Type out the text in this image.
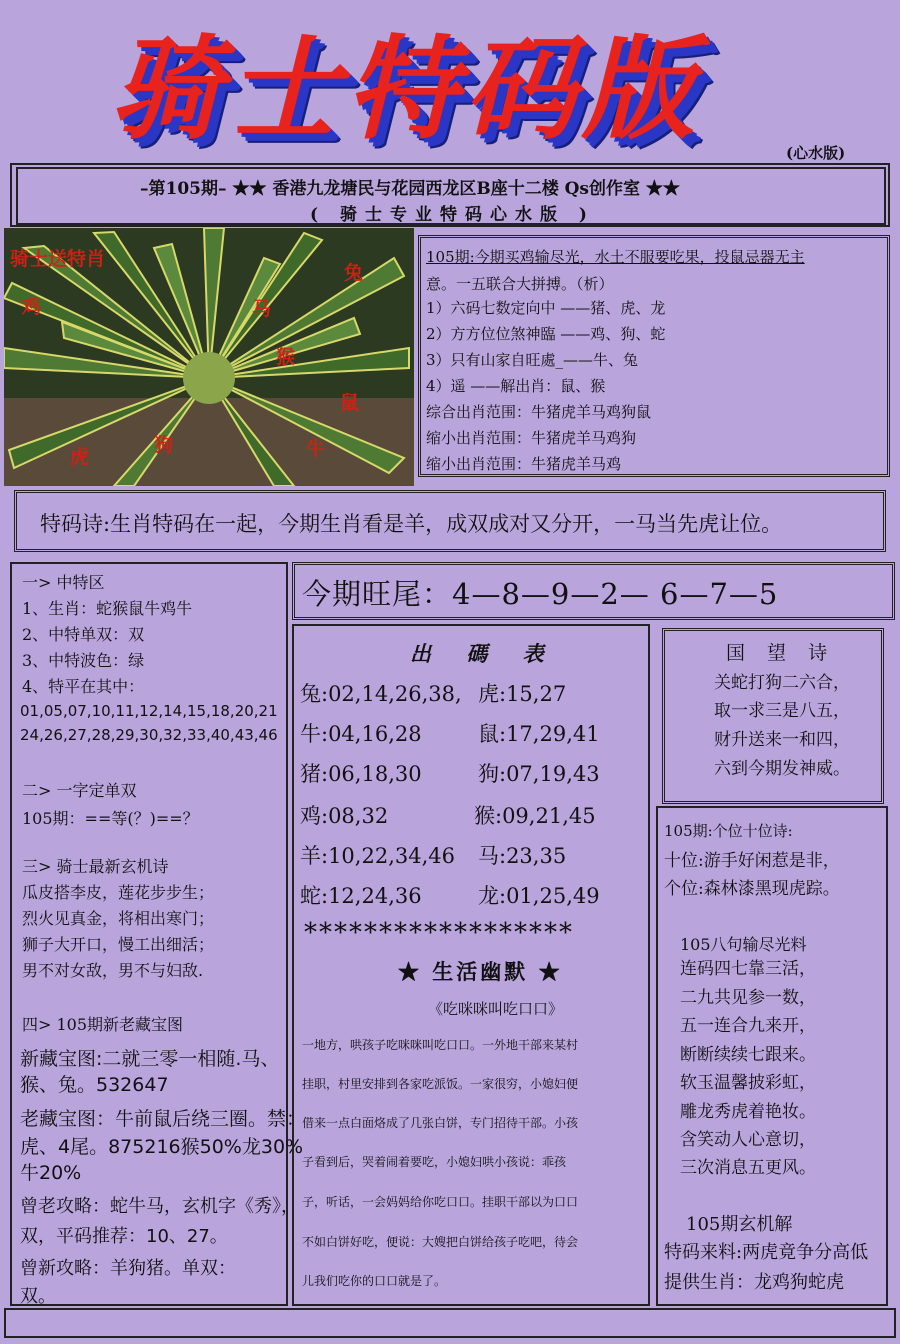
骑士特码版	(心水版)
–第105期– ★★ 香港九龙塘民与花园西龙区B座十二楼 Qs创作室 ★★
( 骑士专业特码心水版 )
骑士送特肖
鸡
兔
马
猴
鼠
虎
狗	牛
105期:今期买鸡输尽光，水土不服要吃果，投鼠忌器无主
意。一五联合大拼搏。（析）
1）六码七数定向中 ——猪、虎、龙
2）方方位位煞神臨 ——鸡、狗、蛇
3）只有山家自旺處_——牛、兔
4）遥 ——解出肖：鼠、猴
综合出肖范围：牛猪虎羊马鸡狗鼠
缩小出肖范围：牛猪虎羊马鸡狗
缩小出肖范围：牛猪虎羊马鸡
特码诗:生肖特码在一起，今期生肖看是羊，成双成对又分开，一马当先虎让位。
一> 中特区
1、生肖：蛇猴鼠牛鸡牛
2、中特单双：双
3、中特波色：绿
4、特平在其中：
01,05,07,10,11,12,14,15,18,20,21
24,26,27,28,29,30,32,33,40,43,46
二> 一字定单双
105期：==等(？)==？
三> 骑士最新玄机诗
瓜皮搭李皮，莲花步步生；
烈火见真金，将相出寒门；
狮子大开口，慢工出细活；
男不对女敌，男不与妇敌.
四> 105期新老藏宝图
新藏宝图:二就三零一相随.马、
猴、兔。532647
老藏宝图：牛前鼠后绕三圈。禁：
虎、4尾。875216猴50%龙30%
牛20%
曾老攻略：蛇牛马，玄机字《秀》，
双，平码推荐：10、27。
曾新攻略：羊狗猪。单双：
双。
今期旺尾：4—8—9—2— 6—7—5
出 碼 表
兔:02,14,26,38, 虎:15,27
牛:04,16,28	鼠:17,29,41
猪:06,18,30	狗:07,19,43
鸡:08,32	猴:09,21,45
羊:10,22,34,46 马:23,35
蛇:12,24,36	龙:01,25,49
******************
★ 生活幽默 ★
《吃咪咪叫吃口口》
一地方，哄孩子吃咪咪叫吃口口。一外地干部来某村
挂职，村里安排到各家吃派饭。一家很穷，小媳妇便
借来一点白面烙成了几张白饼，专门招待干部。小孩
子看到后，哭着闹着要吃，小媳妇哄小孩说：乖孩
子，听话，一会妈妈给你吃口口。挂职干部以为口口
不如白饼好吃，便说：大嫂把白饼给孩子吃吧，待会
儿我们吃你的口口就是了。
国 望 诗
关蛇打狗二六合，
取一求三是八五，
财升送来一和四，
六到今期发神威。
105期:个位十位诗:
十位:游手好闲惹是非，
个位:森林漆黑现虎踪。
105八句输尽光料
连码四七靠三活，
二九共见参一数，
五一连合九来开，
断断续续七跟来。
软玉温馨披彩虹，
雕龙秀虎着艳妆。
含笑动人心意切，
三次消息五更风。
105期玄机解
特码来料:两虎竟争分高低
提供生肖：龙鸡狗蛇虎
